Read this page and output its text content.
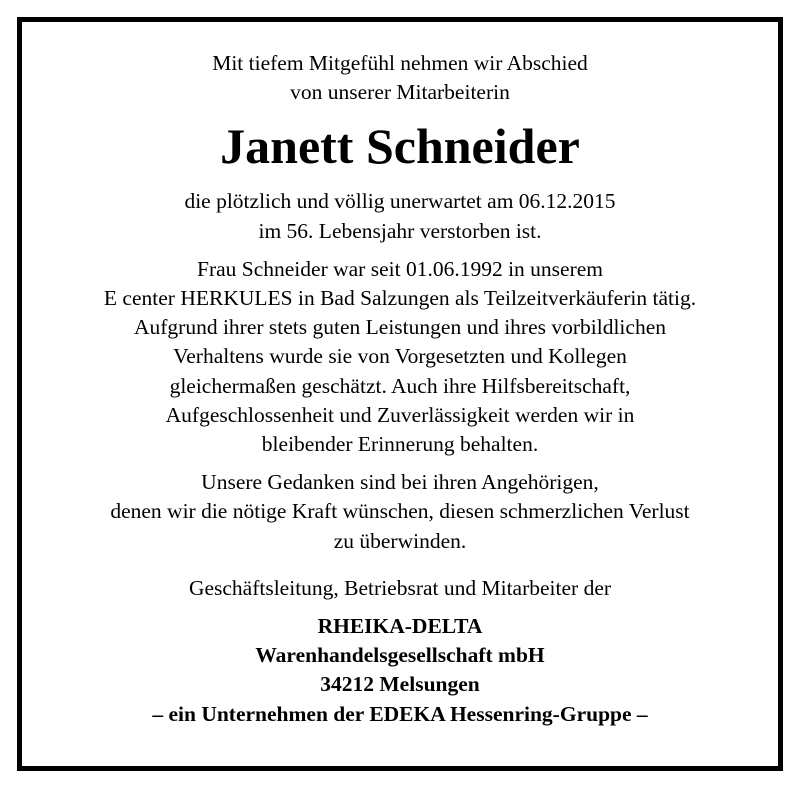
Mit tiefem Mitgefühl nehmen wir Abschied
von unserer Mitarbeiterin
Janett Schneider
die plötzlich und völlig unerwartet am 06.12.2015
im 56. Lebensjahr verstorben ist.
Frau Schneider war seit 01.06.1992 in unserem
E center HERKULES in Bad Salzungen als Teilzeitverkäuferin tätig.
Aufgrund ihrer stets guten Leistungen und ihres vorbildlichen
Verhaltens wurde sie von Vorgesetzten und Kollegen
gleichermaßen geschätzt. Auch ihre Hilfsbereitschaft,
Aufgeschlossenheit und Zuverlässigkeit werden wir in
bleibender Erinnerung behalten.
Unsere Gedanken sind bei ihren Angehörigen,
denen wir die nötige Kraft wünschen, diesen schmerzlichen Verlust
zu überwinden.
Geschäftsleitung, Betriebsrat und Mitarbeiter der
RHEIKA-DELTA
Warenhandelsgesellschaft mbH
34212 Melsungen
– ein Unternehmen der EDEKA Hessenring-Gruppe –
